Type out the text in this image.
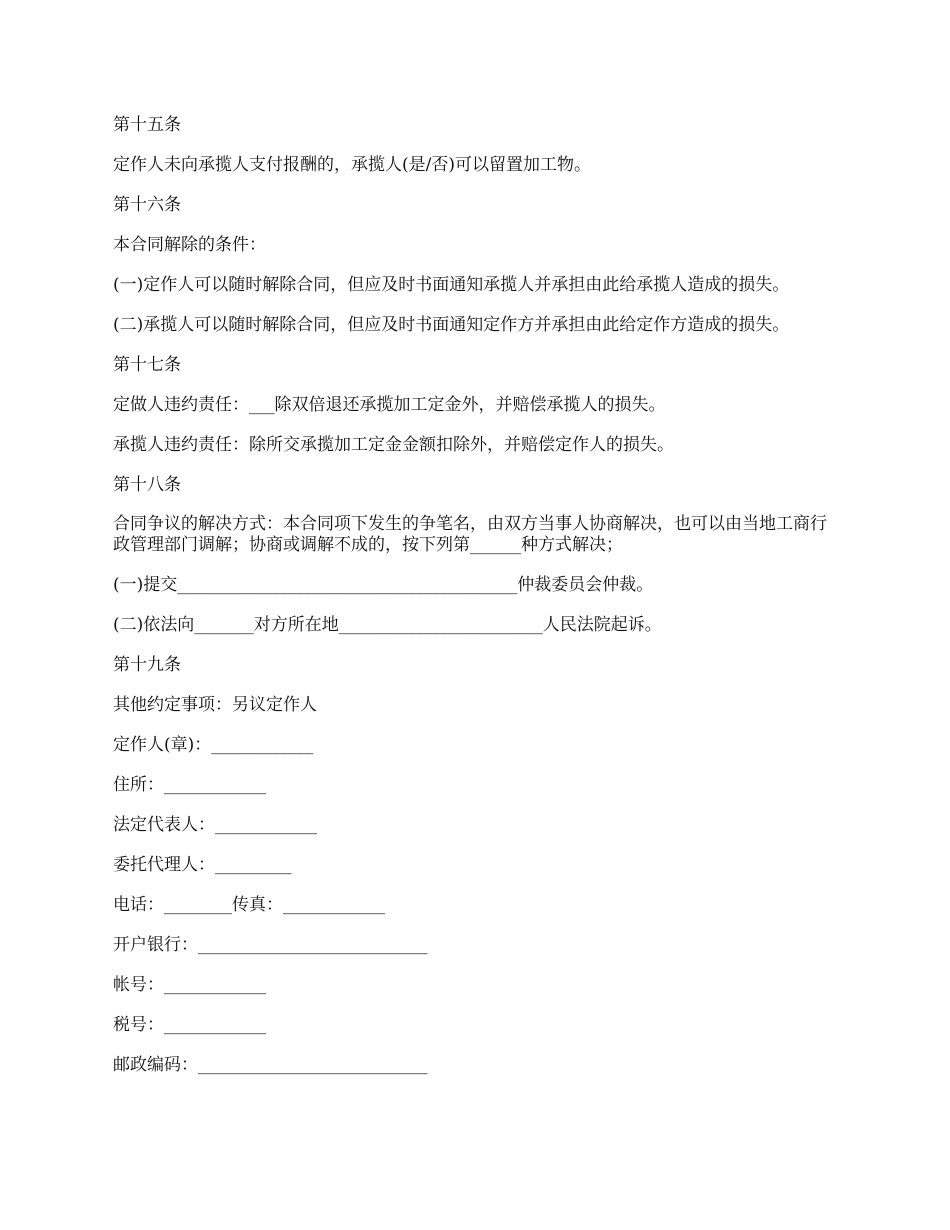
第十五条

定作人未向承揽人支付报酬的，承揽人(是/否)可以留置加工物。

第十六条

本合同解除的条件：

(一)定作人可以随时解除合同，但应及时书面通知承揽人并承担由此给承揽人造成的损失。

(二)承揽人可以随时解除合同，但应及时书面通知定作方并承担由此给定作方造成的损失。

第十七条

定做人违约责任：___除双倍退还承揽加工定金外，并赔偿承揽人的损失。

承揽人违约责任：除所交承揽加工定金金额扣除外，并赔偿定作人的损失。

第十八条

合同争议的解决方式：本合同项下发生的争笔名，由双方当事人协商解决，也可以由当地工商行政管理部门调解；协商或调解不成的，按下列第______种方式解决；

(一)提交________________________________________仲裁委员会仲裁。

(二)依法向_______对方所在地________________________人民法院起诉。

第十九条

其他约定事项：另议定作人

定作人(章)：____________

住所：____________

法定代表人：____________

委托代理人：_________

电话：________传真：____________

开户银行：___________________________

帐号：____________

税号：____________

邮政编码：___________________________
